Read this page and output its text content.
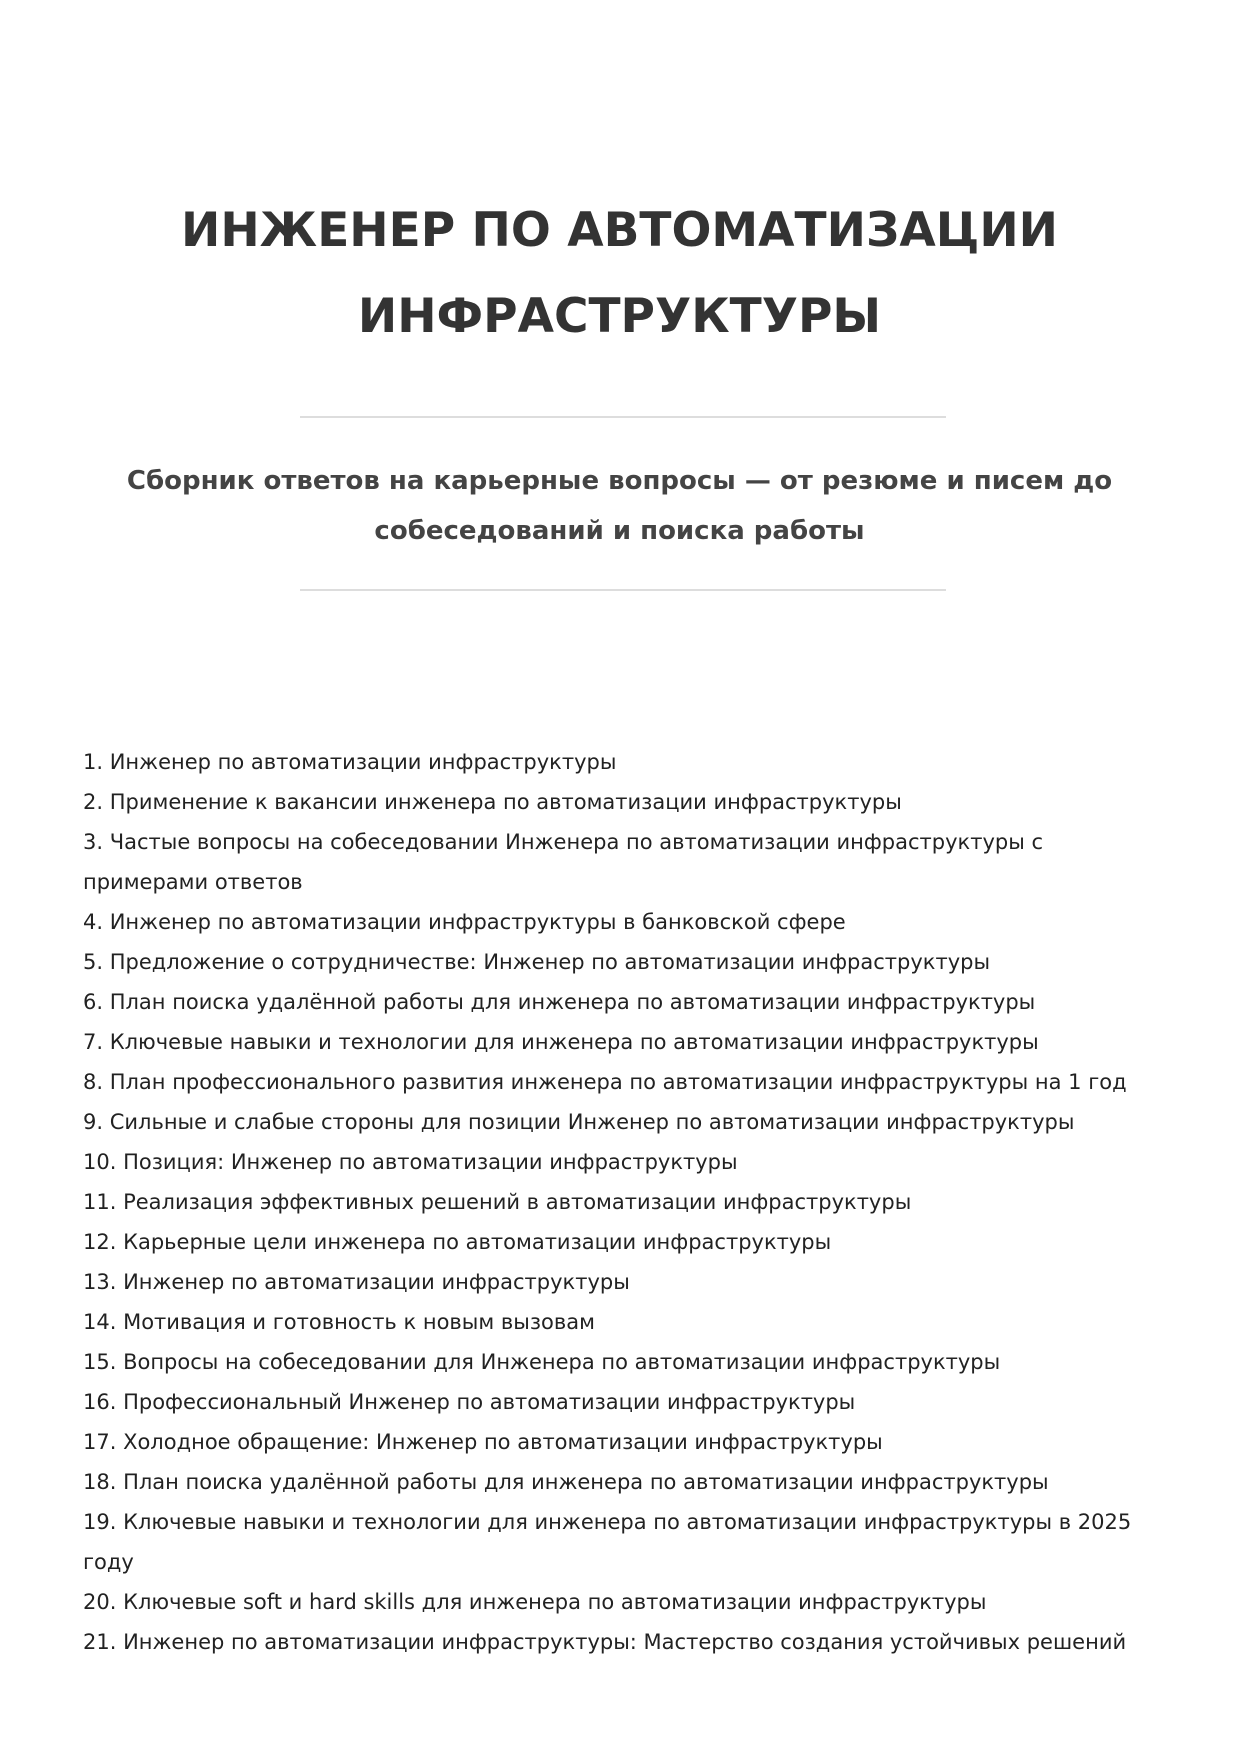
ИНЖЕНЕР ПО АВТОМАТИЗАЦИИ
ИНФРАСТРУКТУРЫ
Сборник ответов на карьерные вопросы — от резюме и писем до
собеседований и поиска работы
1. Инженер по автоматизации инфраструктуры
2. Применение к вакансии инженера по автоматизации инфраструктуры
3. Частые вопросы на собеседовании Инженера по автоматизации инфраструктуры с
примерами ответов
4. Инженер по автоматизации инфраструктуры в банковской сфере
5. Предложение о сотрудничестве: Инженер по автоматизации инфраструктуры
6. План поиска удалённой работы для инженера по автоматизации инфраструктуры
7. Ключевые навыки и технологии для инженера по автоматизации инфраструктуры
8. План профессионального развития инженера по автоматизации инфраструктуры на 1 год
9. Сильные и слабые стороны для позиции Инженер по автоматизации инфраструктуры
10. Позиция: Инженер по автоматизации инфраструктуры
11. Реализация эффективных решений в автоматизации инфраструктуры
12. Карьерные цели инженера по автоматизации инфраструктуры
13. Инженер по автоматизации инфраструктуры
14. Мотивация и готовность к новым вызовам
15. Вопросы на собеседовании для Инженера по автоматизации инфраструктуры
16. Профессиональный Инженер по автоматизации инфраструктуры
17. Холодное обращение: Инженер по автоматизации инфраструктуры
18. План поиска удалённой работы для инженера по автоматизации инфраструктуры
19. Ключевые навыки и технологии для инженера по автоматизации инфраструктуры в 2025
году
20. Ключевые soft и hard skills для инженера по автоматизации инфраструктуры
21. Инженер по автоматизации инфраструктуры: Мастерство создания устойчивых решений
